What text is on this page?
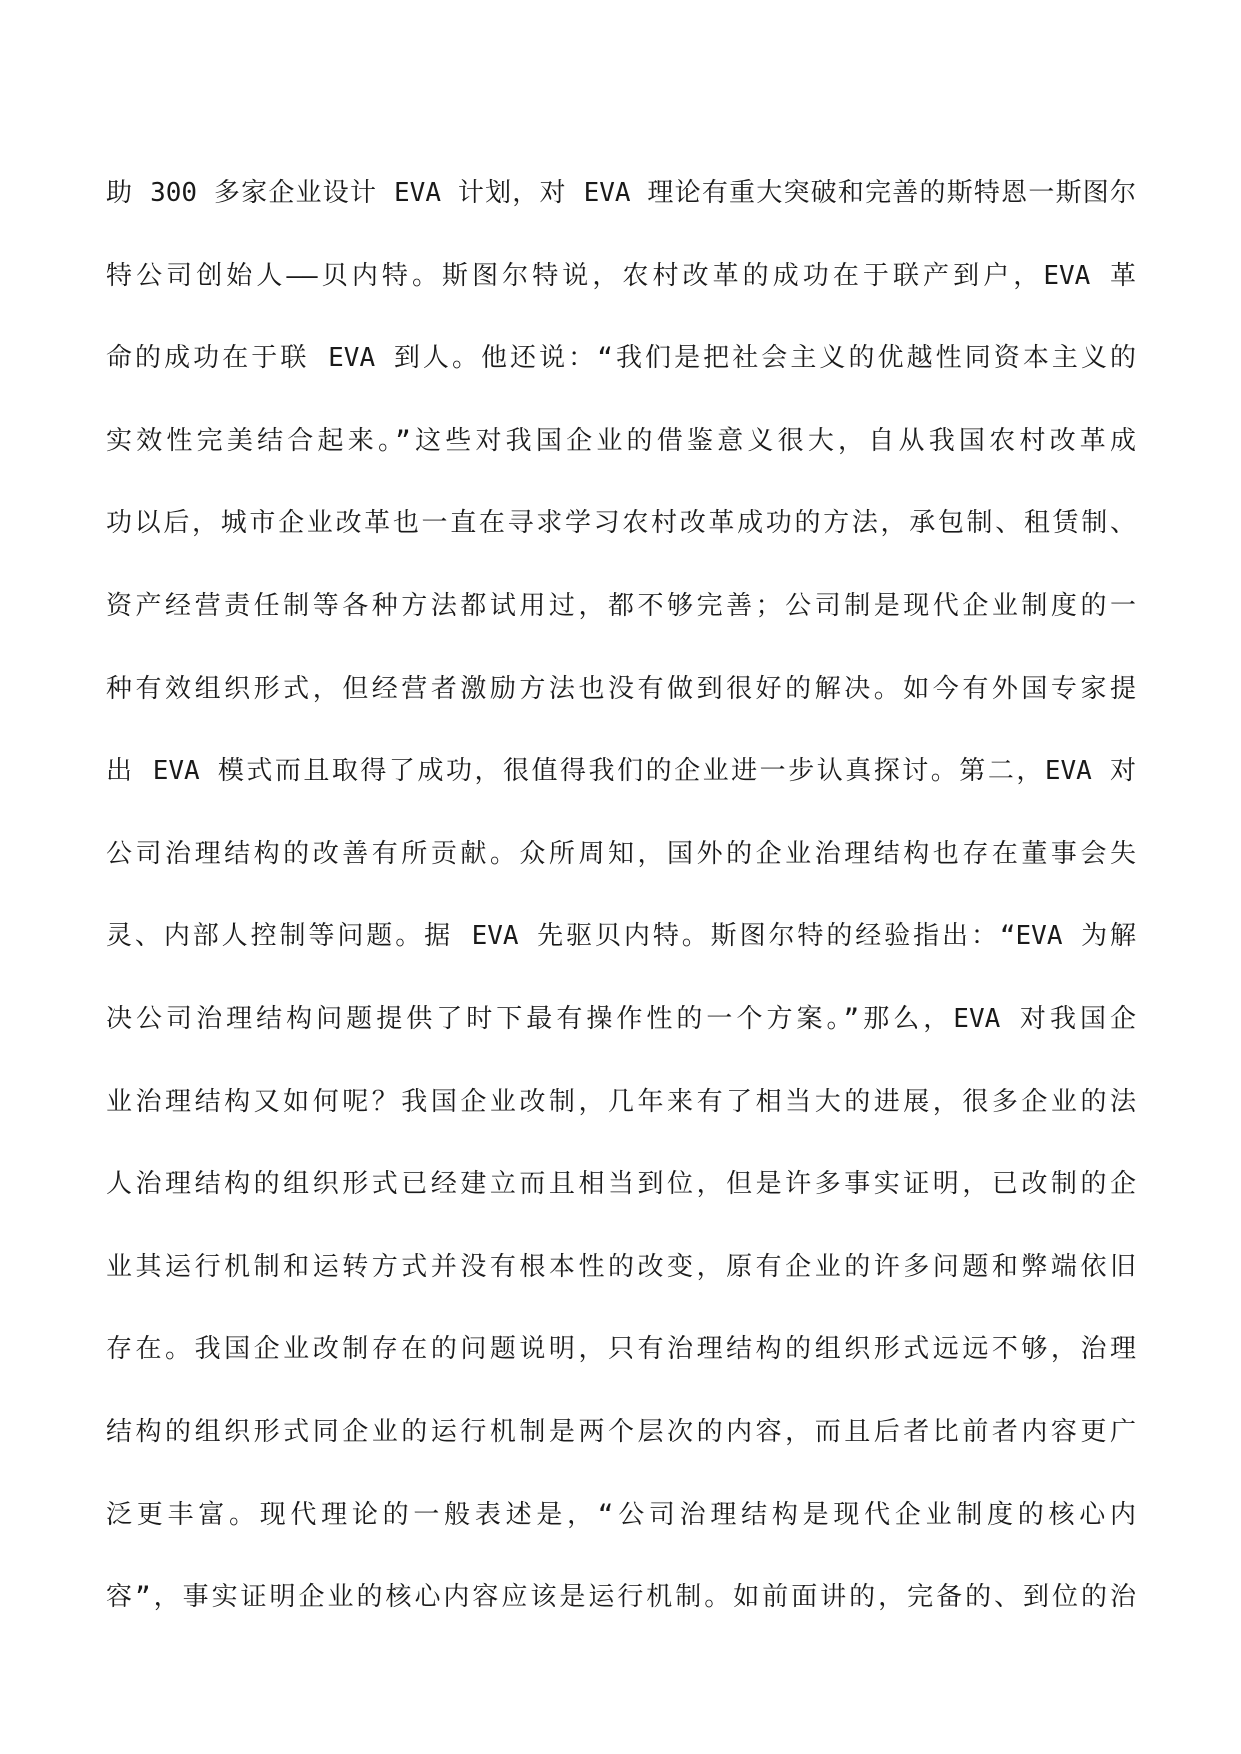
助 300 多家企业设计 EVA 计划，对 EVA 理论有重大突破和完善的斯特恩一斯图尔
特公司创始人——贝内特。斯图尔特说，农村改革的成功在于联产到户，EVA 革
命的成功在于联 EVA 到人。他还说：“我们是把社会主义的优越性同资本主义的
实效性完美结合起来。”这些对我国企业的借鉴意义很大，自从我国农村改革成
功以后，城市企业改革也一直在寻求学习农村改革成功的方法，承包制、租赁制、
资产经营责任制等各种方法都试用过，都不够完善；公司制是现代企业制度的一
种有效组织形式，但经营者激励方法也没有做到很好的解决。如今有外国专家提
出 EVA 模式而且取得了成功，很值得我们的企业进一步认真探讨。第二，EVA 对
公司治理结构的改善有所贡献。众所周知，国外的企业治理结构也存在董事会失
灵、内部人控制等问题。据 EVA 先驱贝内特。斯图尔特的经验指出：“EVA 为解
决公司治理结构问题提供了时下最有操作性的一个方案。”那么，EVA 对我国企
业治理结构又如何呢？我国企业改制，几年来有了相当大的进展，很多企业的法
人治理结构的组织形式已经建立而且相当到位，但是许多事实证明，已改制的企
业其运行机制和运转方式并没有根本性的改变，原有企业的许多问题和弊端依旧
存在。我国企业改制存在的问题说明，只有治理结构的组织形式远远不够，治理
结构的组织形式同企业的运行机制是两个层次的内容，而且后者比前者内容更广
泛更丰富。现代理论的一般表述是，“公司治理结构是现代企业制度的核心内
容”，事实证明企业的核心内容应该是运行机制。如前面讲的，完备的、到位的治
